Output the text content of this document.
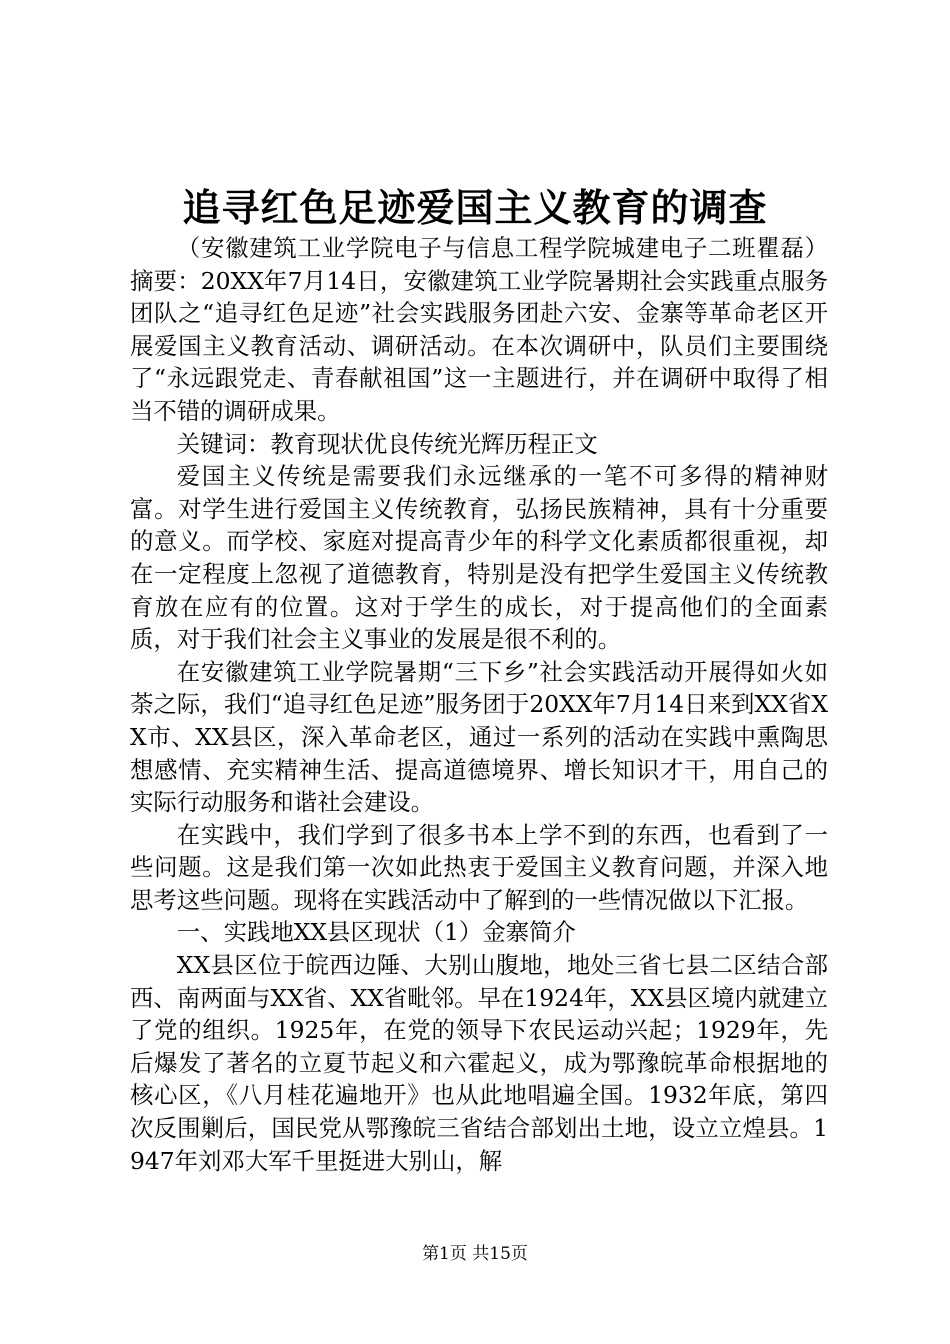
追寻红色足迹爱国主义教育的调查

（安徽建筑工业学院电子与信息工程学院城建电子二班瞿磊）摘要：20XX年7月14日，安徽建筑工业学院暑期社会实践重点服务团队之“追寻红色足迹”社会实践服务团赴六安、金寨等革命老区开展爱国主义教育活动、调研活动。在本次调研中，队员们主要围绕了“永远跟党走、青春献祖国”这一主题进行，并在调研中取得了相当不错的调研成果。

关键词：教育现状优良传统光辉历程正文

爱国主义传统是需要我们永远继承的一笔不可多得的精神财富。对学生进行爱国主义传统教育，弘扬民族精神，具有十分重要的意义。而学校、家庭对提高青少年的科学文化素质都很重视，却在一定程度上忽视了道德教育，特别是没有把学生爱国主义传统教育放在应有的位置。这对于学生的成长，对于提高他们的全面素质，对于我们社会主义事业的发展是很不利的。

在安徽建筑工业学院暑期“三下乡”社会实践活动开展得如火如荼之际，我们“追寻红色足迹”服务团于20XX年7月14日来到XX省XX市、XX县区，深入革命老区，通过一系列的活动在实践中熏陶思想感情、充实精神生活、提高道德境界、增长知识才干，用自己的实际行动服务和谐社会建设。

在实践中，我们学到了很多书本上学不到的东西，也看到了一些问题。这是我们第一次如此热衷于爱国主义教育问题，并深入地思考这些问题。现将在实践活动中了解到的一些情况做以下汇报。

一、实践地XX县区现状（1）金寨简介

XX县区位于皖西边陲、大别山腹地，地处三省七县二区结合部西、南两面与XX省、XX省毗邻。早在1924年，XX县区境内就建立了党的组织。1925年，在党的领导下农民运动兴起；1929年，先后爆发了著名的立夏节起义和六霍起义，成为鄂豫皖革命根据地的核心区，《八月桂花遍地开》也从此地唱遍全国。1932年底，第四次反围剿后，国民党从鄂豫皖三省结合部划出土地，设立立煌县。1947年刘邓大军千里挺进大别山，解

第1页 共15页
